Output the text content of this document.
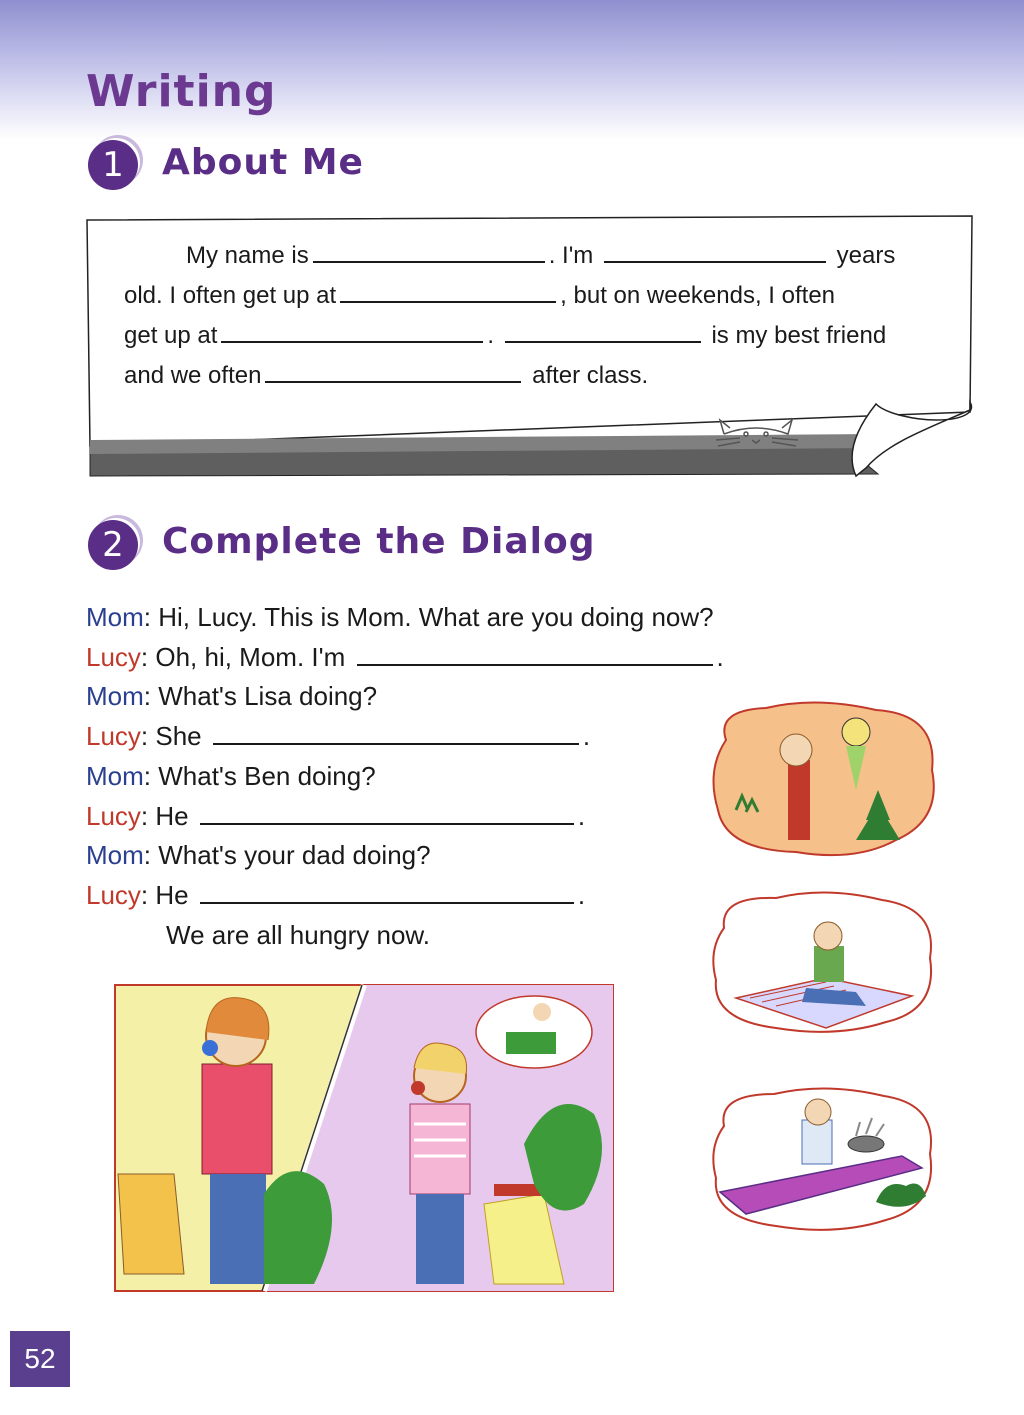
Writing
1	About Me
My name is	. I'm	years
old. I often get up at	, but on weekends, I often
get up at	.	is my best friend
and we often	after class.
2	Complete the Dialog
Mom: Hi, Lucy. This is Mom. What are you doing now?
Lucy: Oh, hi, Mom. I'm	.
Mom: What's Lisa doing?
Lucy: She	.
Mom: What's Ben doing?
Lucy: He	.
Mom: What's your dad doing?
Lucy: He	.
We are all hungry now.
52
